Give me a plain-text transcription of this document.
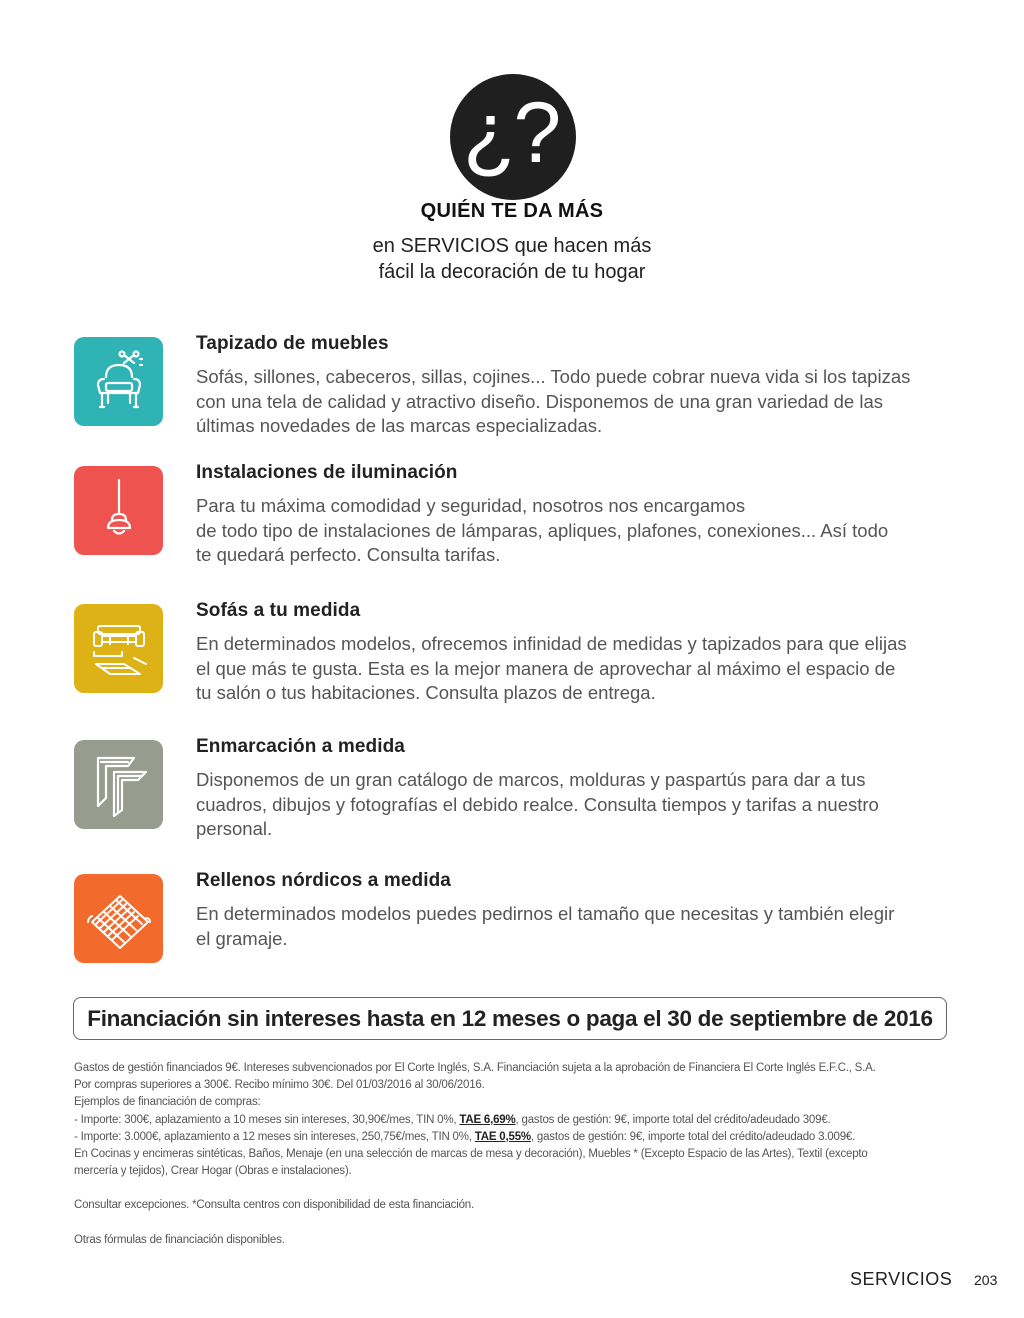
¿?
QUIÉN TE DA MÁS
en SERVICIOS que hacen más
fácil la decoración de tu hogar
Tapizado de muebles
Sofás, sillones, cabeceros, sillas, cojines... Todo puede cobrar nueva vida si los tapizas
con una tela de calidad y atractivo diseño. Disponemos de una gran variedad de las
últimas novedades de las marcas especializadas.
Instalaciones de iluminación
Para tu máxima comodidad y seguridad, nosotros nos encargamos
de todo tipo de instalaciones de lámparas, apliques, plafones, conexiones... Así todo
te quedará perfecto. Consulta tarifas.
Sofás a tu medida
En determinados modelos, ofrecemos infinidad de medidas y tapizados para que elijas
el que más te gusta. Esta es la mejor manera de aprovechar al máximo el espacio de
tu salón o tus habitaciones. Consulta plazos de entrega.
Enmarcación a medida
Disponemos de un gran catálogo de marcos, molduras y paspartús para dar a tus
cuadros, dibujos y fotografías el debido realce. Consulta tiempos y tarifas a nuestro
personal.
Rellenos nórdicos a medida
En determinados modelos puedes pedirnos el tamaño que necesitas y también elegir
el gramaje.
Financiación sin intereses hasta en 12 meses o paga el 30 de septiembre de 2016

Gastos de gestión financiados 9€. Intereses subvencionados por El Corte Inglés, S.A. Financiación sujeta a la aprobación de Financiera El Corte Inglés E.F.C., S.A.

Por compras superiores a 300€. Recibo mínimo 30€. Del 01/03/2016 al 30/06/2016.

Ejemplos de financiación de compras:

- Importe: 300€, aplazamiento a 10 meses sin intereses, 30,90€/mes, TIN 0%, TAE 6,69%, gastos de gestión: 9€, importe total del crédito/adeudado 309€.

- Importe: 3.000€, aplazamiento a 12 meses sin intereses, 250,75€/mes, TIN 0%, TAE 0,55%, gastos de gestión: 9€, importe total del crédito/adeudado 3.009€.

En Cocinas y encimeras sintéticas, Baños, Menaje (en una selección de marcas de mesa y decoración), Muebles * (Excepto Espacio de las Artes), Textil (excepto

mercería y tejidos), Crear Hogar (Obras e instalaciones).

Consultar excepciones. *Consulta centros con disponibilidad de esta financiación.

Otras fórmulas de financiación disponibles.

SERVICIOS 203
